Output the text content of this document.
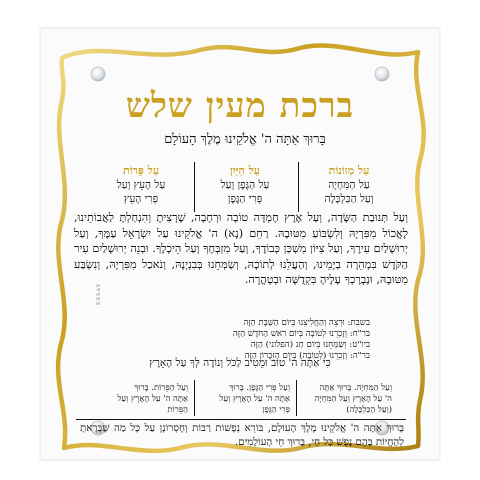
ברכת מעין שלש
בָּרוּךְ אַתָּה ה' אֱלֹקֵינוּ מֶלֶךְ הָעוֹלָם
עַל מְזוֹנוֹת
עַל הַמִּחְיָה
וְעַל הַכַּלְכָּלָה
עַל הַיַּיִן
עַל הַגֶּפֶן וְעַל
פְּרִי הַגֶּפֶן
עַל פֵּרוֹת
עַל הָעֵץ וְעַל
פְּרִי הָעֵץ
וְעַל תְּנוּבַת הַשָּׂדֶה, וְעַל אֶרֶץ חֶמְדָּה טוֹבָה וּרְחָבָה, שֶׁרָצִיתָ וְהִנְחַלְתָּ לַאֲבוֹתֵינוּ, לֶאֱכוֹל מִפִּרְיָהּ וְלִשְׂבּוֹעַ מִטּוּבָהּ. רַחֵם (נָא) ה' אֱלֹקֵינוּ עַל יִשְׂרָאֵל עַמֶּךָ, וְעַל יְרוּשָׁלַיִם עִירֶךָ, וְעַל צִיּוֹן מִשְׁכַּן כְּבוֹדֶךָ, וְעַל מִזְבְּחֶךָ וְעַל הֵיכָלֶךָ. וּבְנֵה יְרוּשָׁלַיִם עִיר הַקֹּדֶשׁ בִּמְהֵרָה בְיָמֵינוּ, וְהַעֲלֵנוּ לְתוֹכָהּ, וְשַׂמְּחֵנוּ בְּבִנְיָנָהּ, וְנֹאכַל מִפִּרְיָהּ, וְנִשְׂבַּע מִטּוּבָהּ, וּנְבָרֶכְךָ עָלֶיהָ בִּקְדֻשָּׁה וּבְטָהֳרָה.
בשבת: וּרְצֵה וְהַחֲלִיצֵנוּ בְּיוֹם הַשַּׁבָּת הַזֶּה
בר"ח: וְזָכְרֵנוּ לְטוֹבָה בְּיוֹם רֹאשׁ הַחֹדֶשׁ הַזֶּה
ביו"ט: וְשַׂמְּחֵנוּ בְּיוֹם חַג (הפלוני) הַזֶּה
בר"ה: וְזָכְרֵנוּ (לְטוֹבָה) בְּיוֹם הַזִּכָּרוֹן הַזֶּה
כִּי אַתָּה ה' טוֹב וּמֵטִיב לַכֹּל וְנוֹדֶה לְּךָ עַל הָאָרֶץ
וְעַל הַמִּחְיָה. בָּרוּךְ אַתָּה
ה' עַל הָאָרֶץ וְעַל הַמִּחְיָה
(וְעַל הַכַּלְכָּלָה)
וְעַל פְּרִי הַגֶּפֶן. בָּרוּךְ
אַתָּה ה' עַל הָאָרֶץ וְעַל
פְּרִי הַגֶּפֶן
וְעַל הַפֵּרוֹת. בָּרוּךְ
אַתָּה ה' עַל הָאָרֶץ וְעַל
הַפֵּרוֹת
בָּרוּךְ אַתָּה ה' אֱלֹקֵינוּ מֶלֶךְ הָעוֹלָם, בּוֹרֵא נְפָשׁוֹת רַבּוֹת וְחֶסְרוֹנָן עַל כָּל מַה שֶּׁבָּרָאתָ לְהַחֲיוֹת בָּהֶם נֶפֶשׁ כָּל חָי, בָּרוּךְ חֵי הָעוֹלָמִים.
ESSAY
